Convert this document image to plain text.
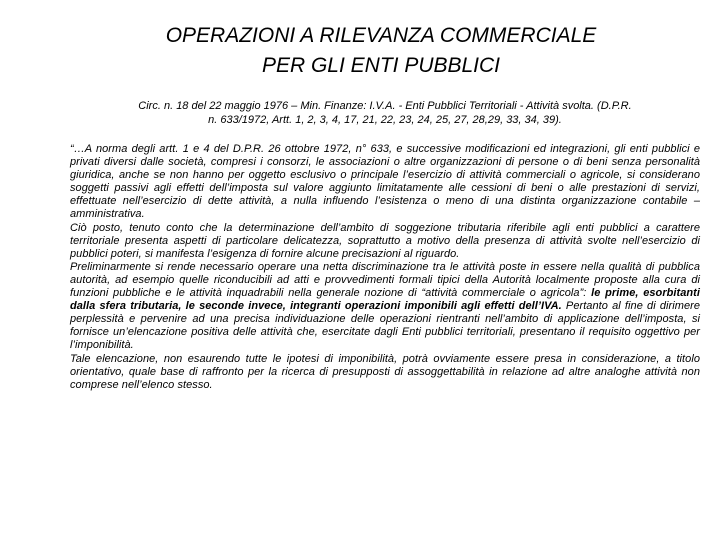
OPERAZIONI A RILEVANZA COMMERCIALE
PER GLI ENTI PUBBLICI
Circ. n. 18 del 22 maggio 1976 – Min. Finanze: I.V.A. - Enti Pubblici Territoriali - Attività svolta. (D.P.R.
n. 633/1972, Artt. 1, 2, 3, 4, 17, 21, 22, 23, 24, 25, 27, 28,29, 33, 34, 39).

“…A norma degli artt. 1 e 4 del D.P.R. 26 ottobre 1972, n° 633, e successive modificazioni ed integrazioni, gli enti pubblici e privati diversi dalle società, compresi i consorzi, le associazioni o altre organizzazioni di persone o di beni senza personalità giuridica, anche se non hanno per oggetto esclusivo o principale l’esercizio di attività commerciali o agricole, si considerano soggetti passivi agli effetti dell’imposta sul valore aggiunto limitatamente alle cessioni di beni o alle prestazioni di servizi, effettuate nell’esercizio di dette attività, a nulla influendo l’esistenza o meno di una distinta organizzazione contabile – amministrativa.

Ciò posto, tenuto conto che la determinazione dell’ambito di soggezione tributaria riferibile agli enti pubblici a carattere territoriale presenta aspetti di particolare delicatezza, soprattutto a motivo della presenza di attività svolte nell’esercizio di pubblici poteri, si manifesta l’esigenza di fornire alcune precisazioni al riguardo.

Preliminarmente si rende necessario operare una netta discriminazione tra le attività poste in essere nella qualità di pubblica autorità, ad esempio quelle riconducibili ad atti e provvedimenti formali tipici della Autorità localmente proposte alla cura di funzioni pubbliche e le attività inquadrabili nella generale nozione di “attività commerciale o agricola”: le prime, esorbitanti dalla sfera tributaria, le seconde invece, integranti operazioni imponibili agli effetti dell’IVA. Pertanto al fine di dirimere perplessità e pervenire ad una precisa individuazione delle operazioni rientranti nell’ambito di applicazione dell’imposta, si fornisce un’elencazione positiva delle attività che, esercitate dagli Enti pubblici territoriali, presentano il requisito oggettivo per l’imponibilità.

Tale elencazione, non esaurendo tutte le ipotesi di imponibilità, potrà ovviamente essere presa in considerazione, a titolo orientativo, quale base di raffronto per la ricerca di presupposti di assoggettabilità in relazione ad altre analoghe attività non comprese nell’elenco stesso.
